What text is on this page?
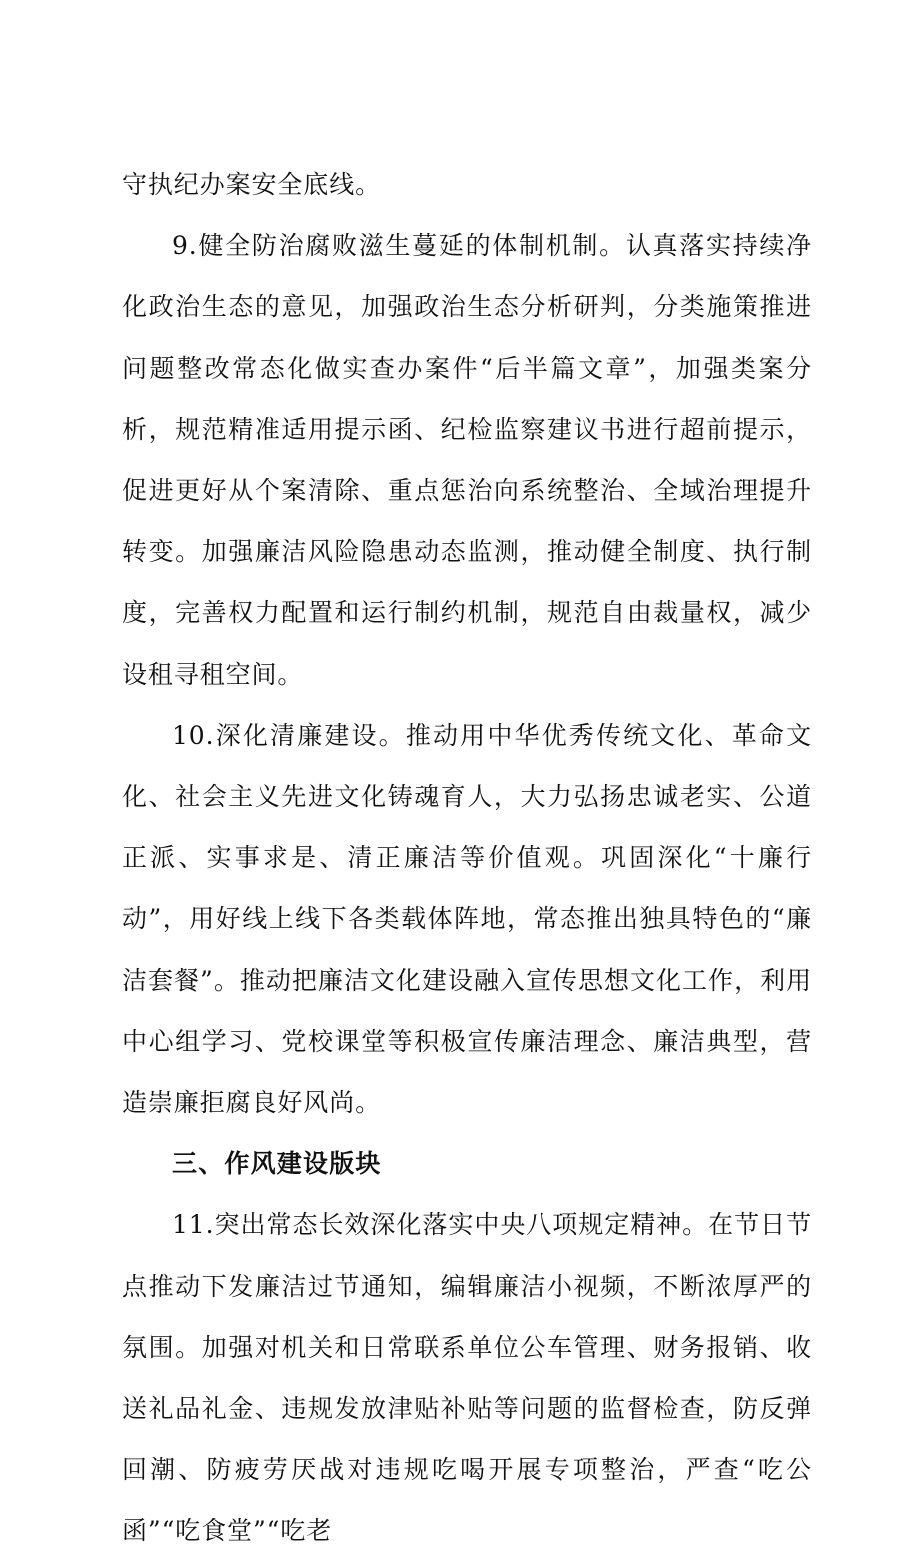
守执纪办案安全底线。

9.健全防治腐败滋生蔓延的体制机制。认真落实持续净化政治生态的意见，加强政治生态分析研判，分类施策推进问题整改常态化做实查办案件“后半篇文章”，加强类案分析，规范精准适用提示函、纪检监察建议书进行超前提示，促进更好从个案清除、重点惩治向系统整治、全域治理提升转变。加强廉洁风险隐患动态监测，推动健全制度、执行制度，完善权力配置和运行制约机制，规范自由裁量权，减少设租寻租空间。

10.深化清廉建设。推动用中华优秀传统文化、革命文化、社会主义先进文化铸魂育人，大力弘扬忠诚老实、公道正派、实事求是、清正廉洁等价值观。巩固深化“十廉行动”，用好线上线下各类载体阵地，常态推出独具特色的“廉洁套餐”。推动把廉洁文化建设融入宣传思想文化工作，利用中心组学习、党校课堂等积极宣传廉洁理念、廉洁典型，营造崇廉拒腐良好风尚。

三、作风建设版块

11.突出常态长效深化落实中央八项规定精神。在节日节点推动下发廉洁过节通知，编辑廉洁小视频，不断浓厚严的氛围。加强对机关和日常联系单位公车管理、财务报销、收送礼品礼金、违规发放津贴补贴等问题的监督检查，防反弹回潮、防疲劳厌战对违规吃喝开展专项整治，严查“吃公函”“吃食堂”“吃老
